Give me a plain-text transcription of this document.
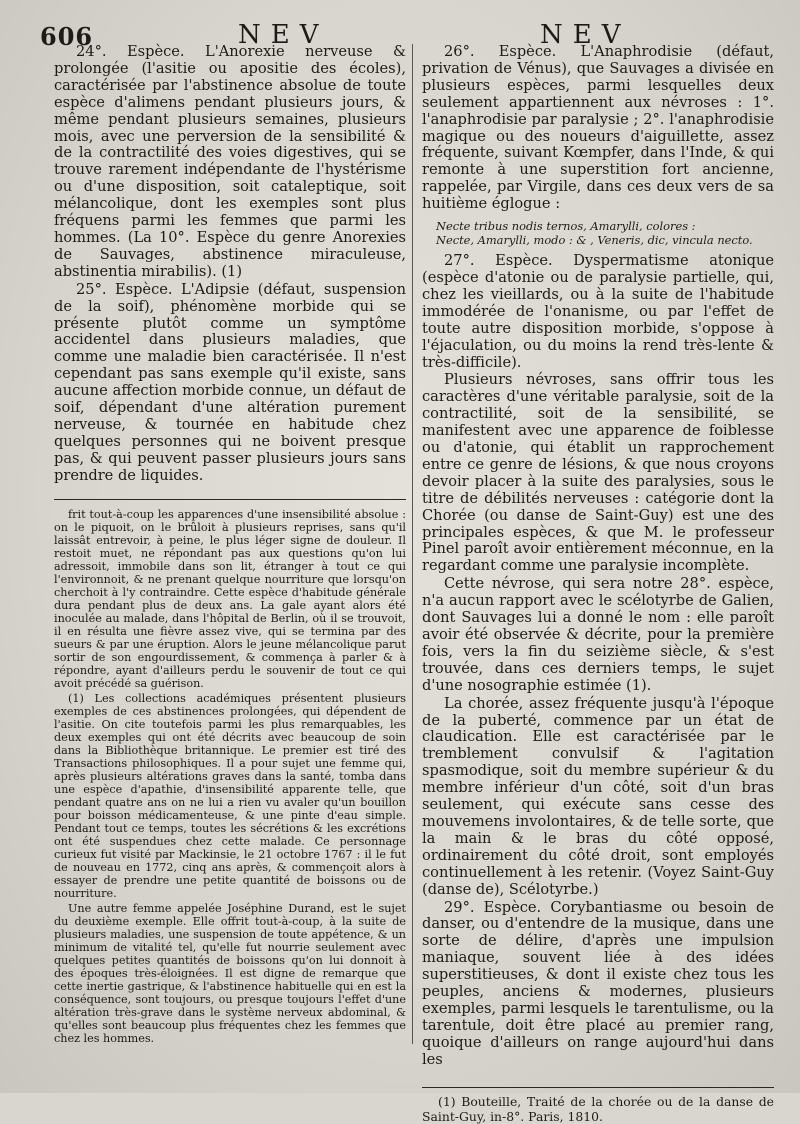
606	NEV	NEV

24°. Espèce. L'Anorexie nerveuse & prolongée (l'asitie ou apositie des écoles), caractérisée par l'abstinence absolue de toute espèce d'alimens pendant plusieurs jours, & même pendant plusieurs semaines, plusieurs mois, avec une perversion de la sensibilité & de la contractilité des voies digestives, qui se trouve rarement indépendante de l'hystérisme ou d'une disposition, soit cataleptique, soit mélancolique, dont les exemples sont plus fréquens parmi les femmes que parmi les hommes. (La 10°. Espèce du genre Anorexies de Sauvages, abstinence miraculeuse, abstinentia mirabilis). (1)

25°. Espèce. L'Adipsie (défaut, suspension de la soif), phénomène morbide qui se présente plutôt comme un symptôme accidentel dans plusieurs maladies, que comme une maladie bien caractérisée. Il n'est cependant pas sans exemple qu'il existe, sans aucune affection morbide connue, un défaut de soif, dépendant d'une altération purement nerveuse, & tournée en habitude chez quelques personnes qui ne boivent presque pas, & qui peuvent passer plusieurs jours sans prendre de liquides.

frit tout-à-coup les apparences d'une insensibilité absolue : on le piquoit, on le brûloit à plusieurs reprises, sans qu'il laissât entrevoir, à peine, le plus léger signe de douleur. Il restoit muet, ne répondant pas aux questions qu'on lui adressoit, immobile dans son lit, étranger à tout ce qui l'environnoit, & ne prenant quelque nourriture que lorsqu'on cherchoit à l'y contraindre. Cette espèce d'habitude générale dura pendant plus de deux ans. La gale ayant alors été inoculée au malade, dans l'hôpital de Berlin, où il se trouvoit, il en résulta une fièvre assez vive, qui se termina par des sueurs & par une éruption. Alors le jeune mélancolique parut sortir de son engourdissement, & commença à parler & à répondre, ayant d'ailleurs perdu le souvenir de tout ce qui avoit précédé sa guérison.

(1) Les collections académiques présentent plusieurs exemples de ces abstinences prolongées, qui dépendent de l'asitie. On cite toutefois parmi les plus remarquables, les deux exemples qui ont été décrits avec beaucoup de soin dans la Bibliothèque britannique. Le premier est tiré des Transactions philosophiques. Il a pour sujet une femme qui, après plusieurs altérations graves dans la santé, tomba dans une espèce d'apathie, d'insensibilité apparente telle, que pendant quatre ans on ne lui a rien vu avaler qu'un bouillon pour boisson médicamenteuse, & une pinte d'eau simple. Pendant tout ce temps, toutes les sécrétions & les excrétions ont été suspendues chez cette malade. Ce personnage curieux fut visité par Mackinsie, le 21 octobre 1767 : il le fut de nouveau en 1772, cinq ans après, & commençoit alors à essayer de prendre une petite quantité de boissons ou de nourriture.

Une autre femme appelée Joséphine Durand, est le sujet du deuxième exemple. Elle offrit tout-à-coup, à la suite de plusieurs maladies, une suspension de toute appétence, & un minimum de vitalité tel, qu'elle fut nourrie seulement avec quelques petites quantités de boissons qu'on lui donnoit à des époques très-éloignées. Il est digne de remarque que cette inertie gastrique, & l'abstinence habituelle qui en est la conséquence, sont toujours, ou presque toujours l'effet d'une altération très-grave dans le système nerveux abdominal, & qu'elles sont beaucoup plus fréquentes chez les femmes que chez les hommes.

26°. Espèce. L'Anaphrodisie (défaut, privation de Vénus), que Sauvages a divisée en plusieurs espèces, parmi lesquelles deux seulement appartiennent aux névroses : 1°. l'anaphrodisie par paralysie ; 2°. l'anaphrodisie magique ou des noueurs d'aiguillette, assez fréquente, suivant Kœmpfer, dans l'Inde, & qui remonte à une superstition fort ancienne, rappelée, par Virgile, dans ces deux vers de sa huitième églogue :

Necte tribus nodis ternos, Amarylli, colores :
Necte, Amarylli, modo : & , Veneris, dic, vincula necto.

27°. Espèce. Dyspermatisme atonique (espèce d'atonie ou de paralysie partielle, qui, chez les vieillards, ou à la suite de l'habitude immodérée de l'onanisme, ou par l'effet de toute autre disposition morbide, s'oppose à l'éjaculation, ou du moins la rend très-lente & très-difficile).

Plusieurs névroses, sans offrir tous les caractères d'une véritable paralysie, soit de la contractilité, soit de la sensibilité, se manifestent avec une apparence de foiblesse ou d'atonie, qui établit un rapprochement entre ce genre de lésions, & que nous croyons devoir placer à la suite des paralysies, sous le titre de débilités nerveuses : catégorie dont la Chorée (ou danse de Saint-Guy) est une des principales espèces, & que M. le professeur Pinel paroît avoir entièrement méconnue, en la regardant comme une paralysie incomplète.

Cette névrose, qui sera notre 28°. espèce, n'a aucun rapport avec le scélotyrbe de Galien, dont Sauvages lui a donné le nom : elle paroît avoir été observée & décrite, pour la première fois, vers la fin du seizième siècle, & s'est trouvée, dans ces derniers temps, le sujet d'une nosographie estimée (1).

La chorée, assez fréquente jusqu'à l'époque de la puberté, commence par un état de claudication. Elle est caractérisée par le tremblement convulsif & l'agitation spasmodique, soit du membre supérieur & du membre inférieur d'un côté, soit d'un bras seulement, qui exécute sans cesse des mouvemens involontaires, & de telle sorte, que la main & le bras du côté opposé, ordinairement du côté droit, sont employés continuellement à les retenir. (Voyez Saint-Guy (danse de), Scélotyrbe.)

29°. Espèce. Corybantiasme ou besoin de danser, ou d'entendre de la musique, dans une sorte de délire, d'après une impulsion maniaque, souvent liée à des idées superstitieuses, & dont il existe chez tous les peuples, anciens & modernes, plusieurs exemples, parmi lesquels le tarentulisme, ou la tarentule, doit être placé au premier rang, quoique d'ailleurs on range aujourd'hui dans les

(1) Bouteille, Traité de la chorée ou de la danse de Saint-Guy, in-8°. Paris, 1810.
